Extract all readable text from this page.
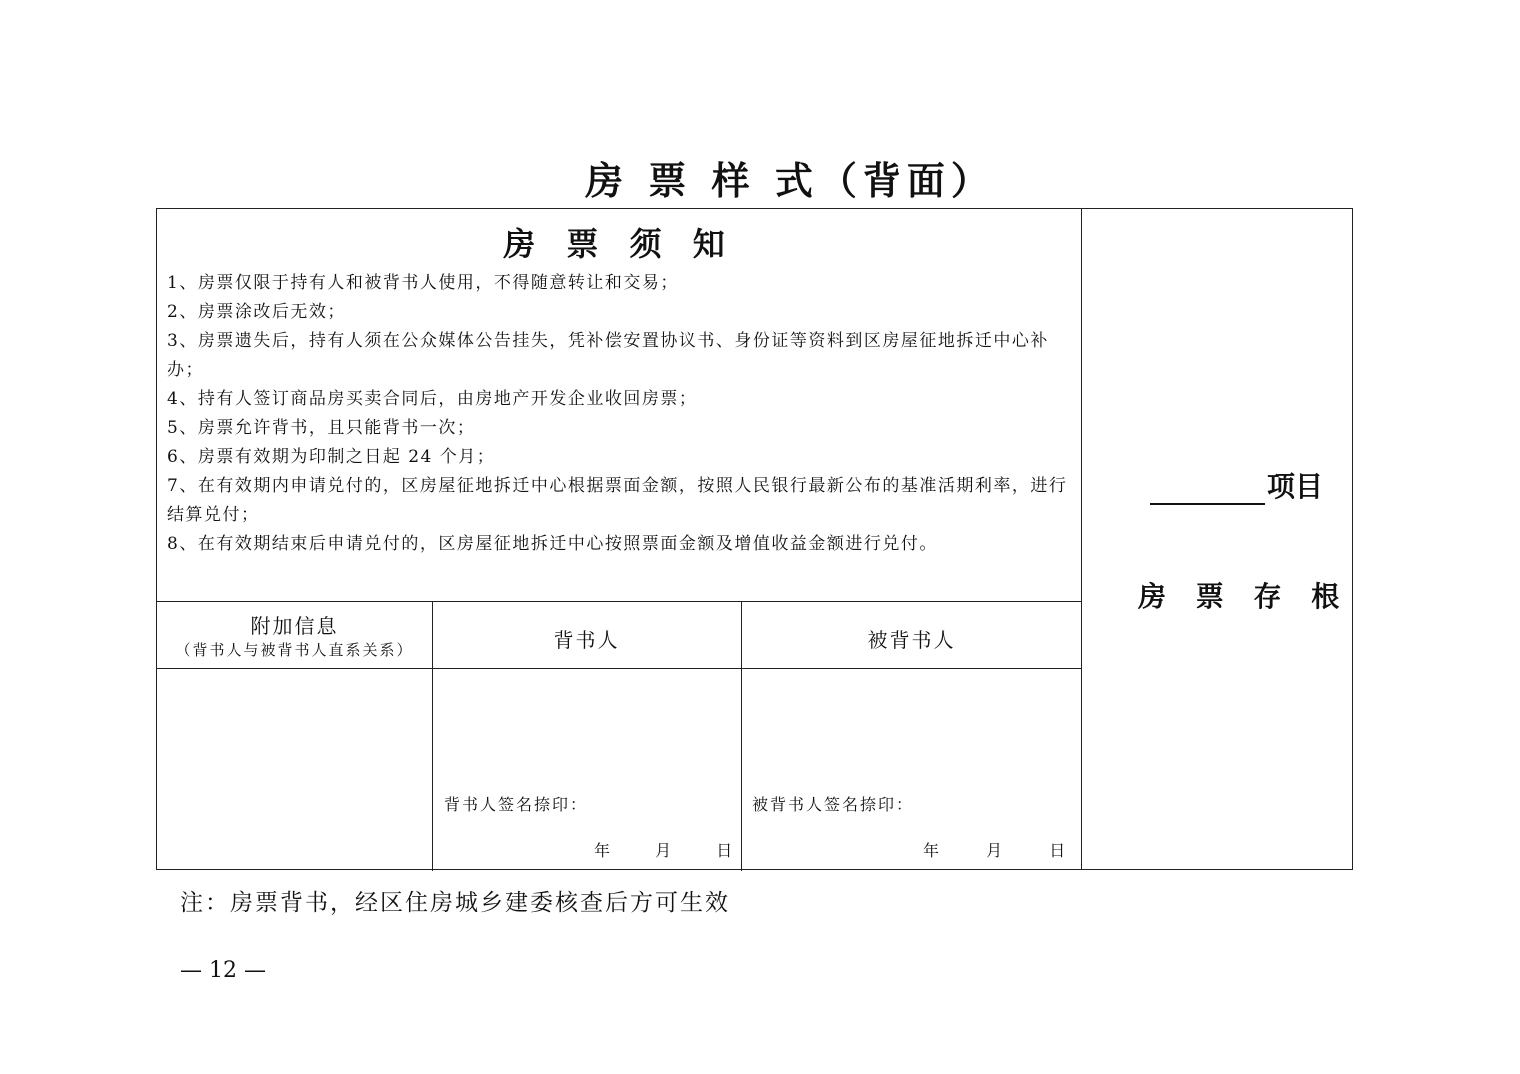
房 票 样 式（背面）
房 票 须 知

1、房票仅限于持有人和被背书人使用，不得随意转让和交易；

2、房票涂改后无效；

3、房票遗失后，持有人须在公众媒体公告挂失，凭补偿安置协议书、身份证等资料到区房屋征地拆迁中心补办；

4、持有人签订商品房买卖合同后，由房地产开发企业收回房票；

5、房票允许背书，且只能背书一次；

6、房票有效期为印制之日起 24 个月；

7、在有效期内申请兑付的，区房屋征地拆迁中心根据票面金额，按照人民银行最新公布的基准活期利率，进行结算兑付；

8、在有效期结束后申请兑付的，区房屋征地拆迁中心按照票面金额及增值收益金额进行兑付。

附加信息
（背书人与被背书人直系关系）	背书人	被背书人
背书人签名捺印：
年	月	日
被背书人签名捺印：
年	月	日
项目
房 票 存 根
注：房票背书，经区住房城乡建委核查后方可生效
— 12 —
